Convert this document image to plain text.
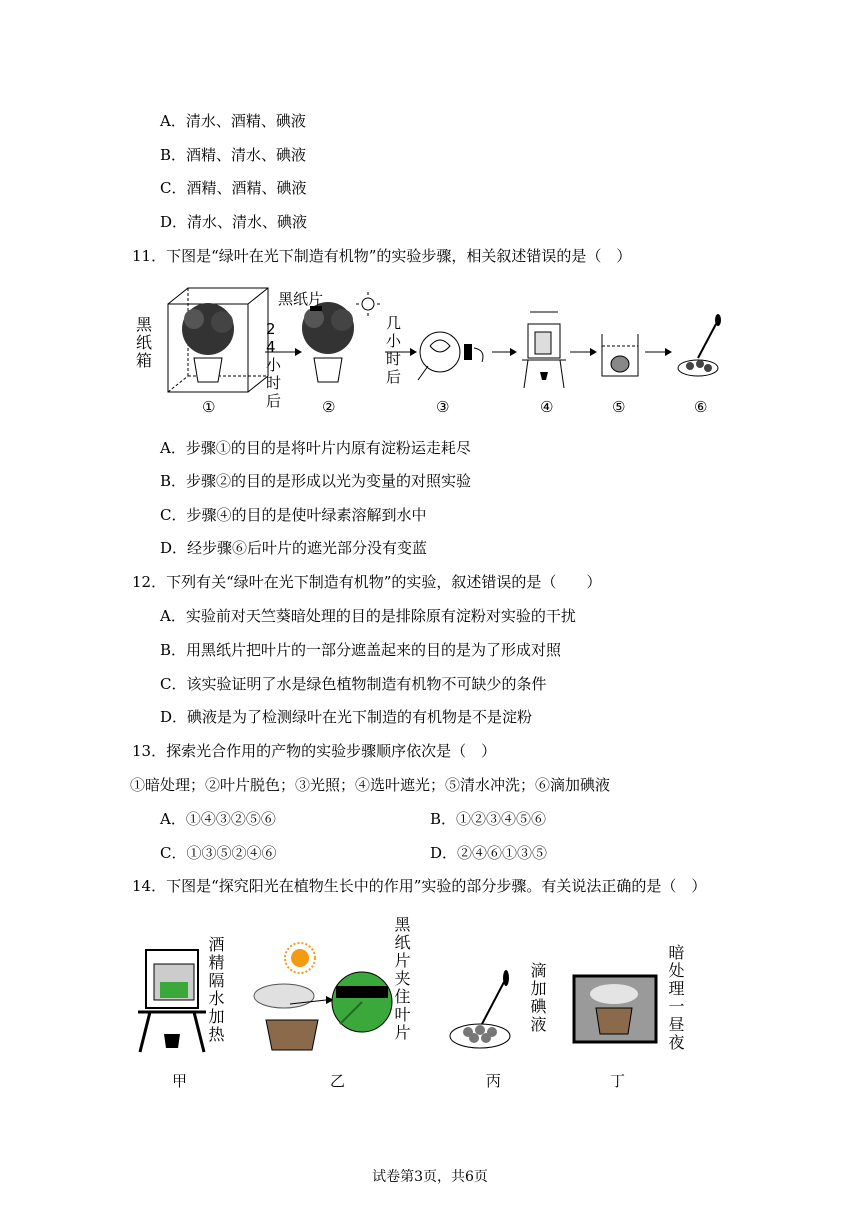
A．清水、酒精、碘液
B．酒精、清水、碘液
C．酒精、酒精、碘液
D．清水、清水、碘液
11．下图是“绿叶在光下制造有机物”的实验步骤，相关叙述错误的是（　）
黑纸箱
黑纸片
24小时后
几小时后
①	②	③	④	⑤	⑥
A．步骤①的目的是将叶片内原有淀粉运走耗尽
B．步骤②的目的是形成以光为变量的对照实验
C．步骤④的目的是使叶绿素溶解到水中
D．经步骤⑥后叶片的遮光部分没有变蓝
12．下列有关“绿叶在光下制造有机物”的实验，叙述错误的是（　　）
A．实验前对天竺葵暗处理的目的是排除原有淀粉对实验的干扰
B．用黑纸片把叶片的一部分遮盖起来的目的是为了形成对照
C．该实验证明了水是绿色植物制造有机物不可缺少的条件
D．碘液是为了检测绿叶在光下制造的有机物是不是淀粉
13．探索光合作用的产物的实验步骤顺序依次是（　）
①暗处理；②叶片脱色；③光照；④选叶遮光；⑤清水冲洗；⑥滴加碘液
A．①④③②⑤⑥	B．①②③④⑤⑥
C．①③⑤②④⑥	D．②④⑥①③⑤
14．下图是“探究阳光在植物生长中的作用”实验的部分步骤。有关说法正确的是（　）
酒精隔水加热	黑纸片夹住叶片	滴加碘液	暗处理一昼夜
甲	乙	丙	丁
试卷第3页，共6页
